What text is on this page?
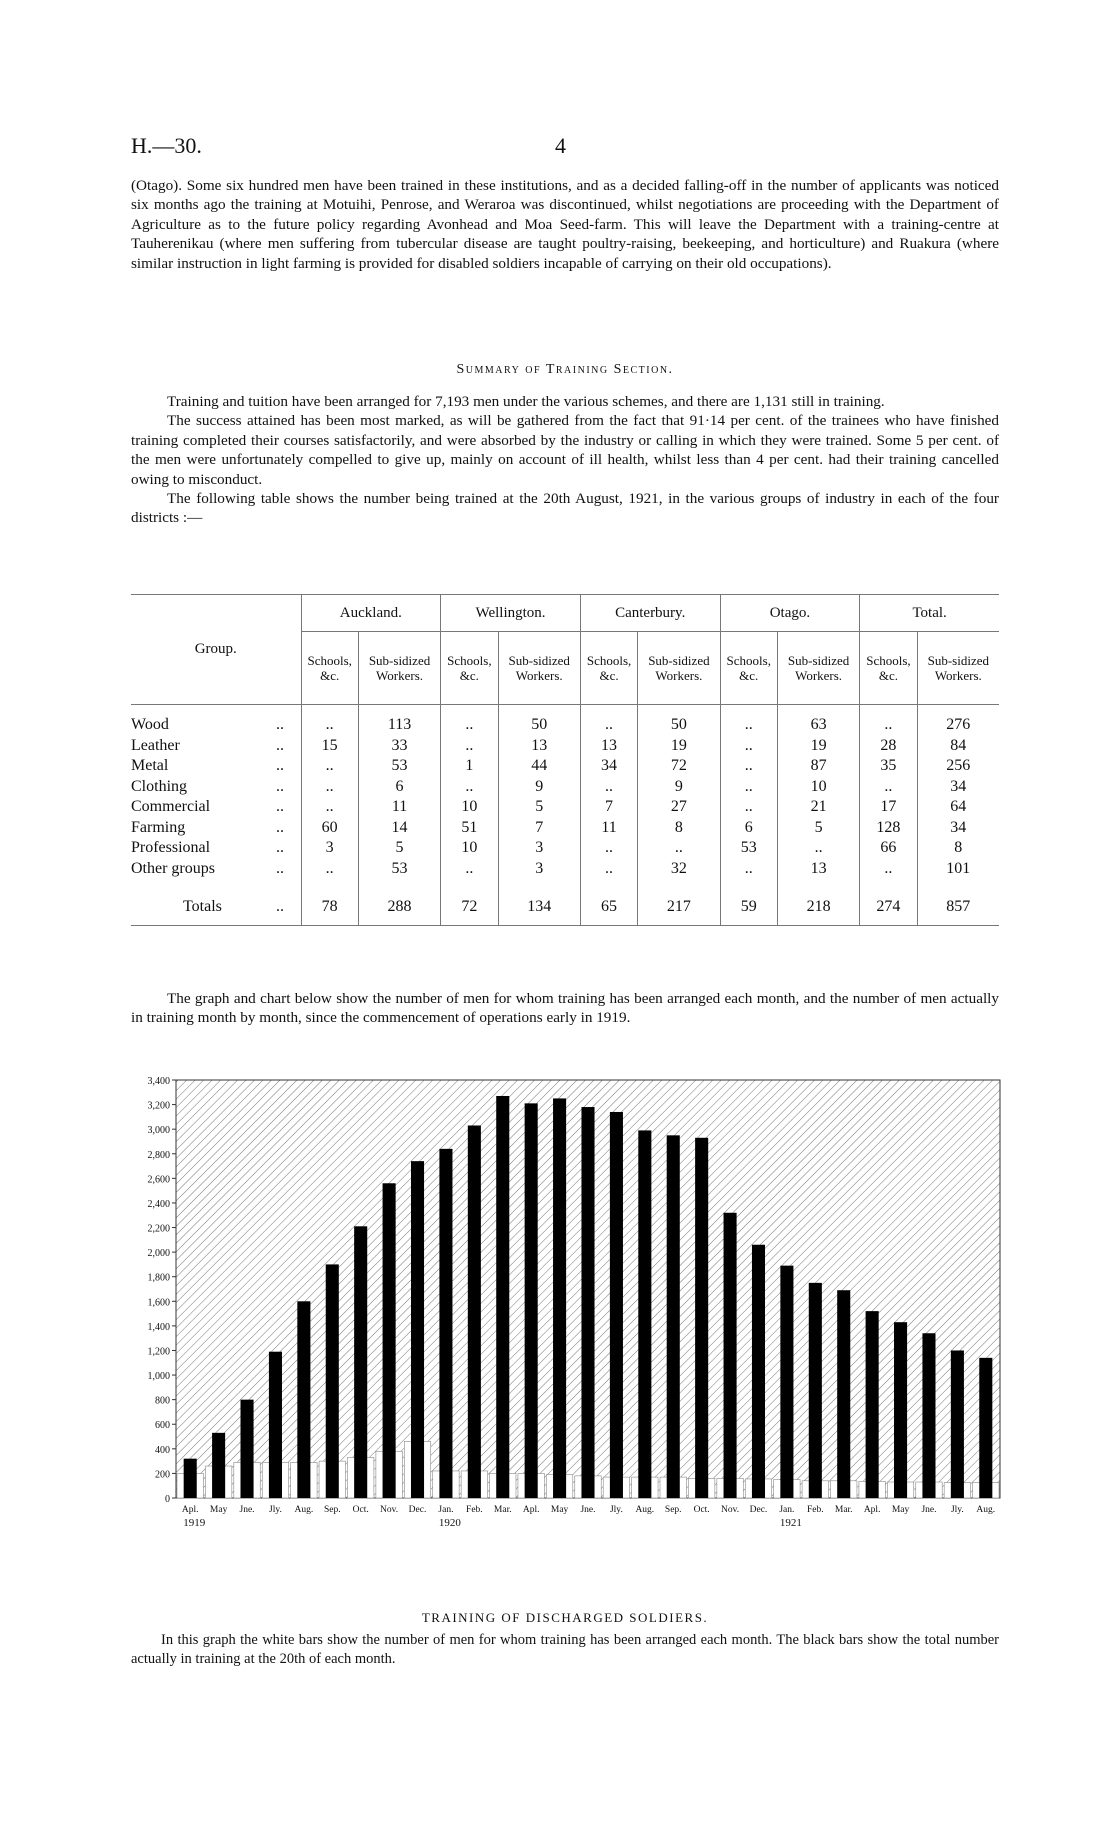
H.—30.	4

(Otago). Some six hundred men have been trained in these institutions, and as a decided falling-off in the number of applicants was noticed six months ago the training at Motuihi, Penrose, and Weraroa was discontinued, whilst negotiations are proceeding with the Department of Agriculture as to the future policy regarding Avonhead and Moa Seed-farm. This will leave the Department with a training-centre at Tauherenikau (where men suffering from tubercular disease are taught poultry-raising, beekeeping, and horticulture) and Ruakura (where similar instruction in light farming is provided for disabled soldiers incapable of carrying on their old occupations).

Summary of Training Section.

Training and tuition have been arranged for 7,193 men under the various schemes, and there are 1,131 still in training.

The success attained has been most marked, as will be gathered from the fact that 91·14 per cent. of the trainees who have finished training completed their courses satisfactorily, and were absorbed by the industry or calling in which they were trained. Some 5 per cent. of the men were unfortunately compelled to give up, mainly on account of ill health, whilst less than 4 per cent. had their training cancelled owing to misconduct.

The following table shows the number being trained at the 20th August, 1921, in the various groups of industry in each of the four districts :—

Group.	Auckland.		Wellington.		Canterbury.		Otago.		Total.	
	Schools, &c.	Sub-sidized Workers.	Schools, &c.	Sub-sidized Workers.	Schools, &c.	Sub-sidized Workers.	Schools, &c.	Sub-sidized Workers.	Schools, &c.	Sub-sidized Workers.

Wood ..	..	113	..	50	..	50	..	63	..	276
Leather ..	15	33	..	13	13	19	..	19	28	84
Metal ..	..	53	1	44	34	72	..	87	35	256
Clothing ..	..	6	..	9	..	9	..	10	..	34
Commercial ..	..	11	10	5	7	27	..	21	17	64
Farming ..	60	14	51	7	11	8	6	5	128	34
Professional ..	3	5	10	3	..	..	53	..	66	8
Other groups ..	..	53	..	3	..	32	..	13	..	101

Totals ..	78	288	72	134	65	217	59	218	274	857

The graph and chart below show the number of men for whom training has been arranged each month, and the number of men actually in training month by month, since the commencement of operations early in 1919.

3,400
3,200
3,000
2,800
2,600
2,400
2,200
2,000
1,800
1,600
1,400
1,200
1,000
800
600
400
200
0
Apl. May Jne. Jly. Aug. Sep. Oct. Nov. Dec. Jan. Feb. Mar. Apl. May Jne. Jly. Aug. Sep. Oct. Nov. Dec. Jan. Feb. Mar. Apl. May Jne. Jly. Aug.
1919	1920	1921
TRAINING OF DISCHARGED SOLDIERS.

In this graph the white bars show the number of men for whom training has been arranged each month. The black bars show the total number actually in training at the 20th of each month.
